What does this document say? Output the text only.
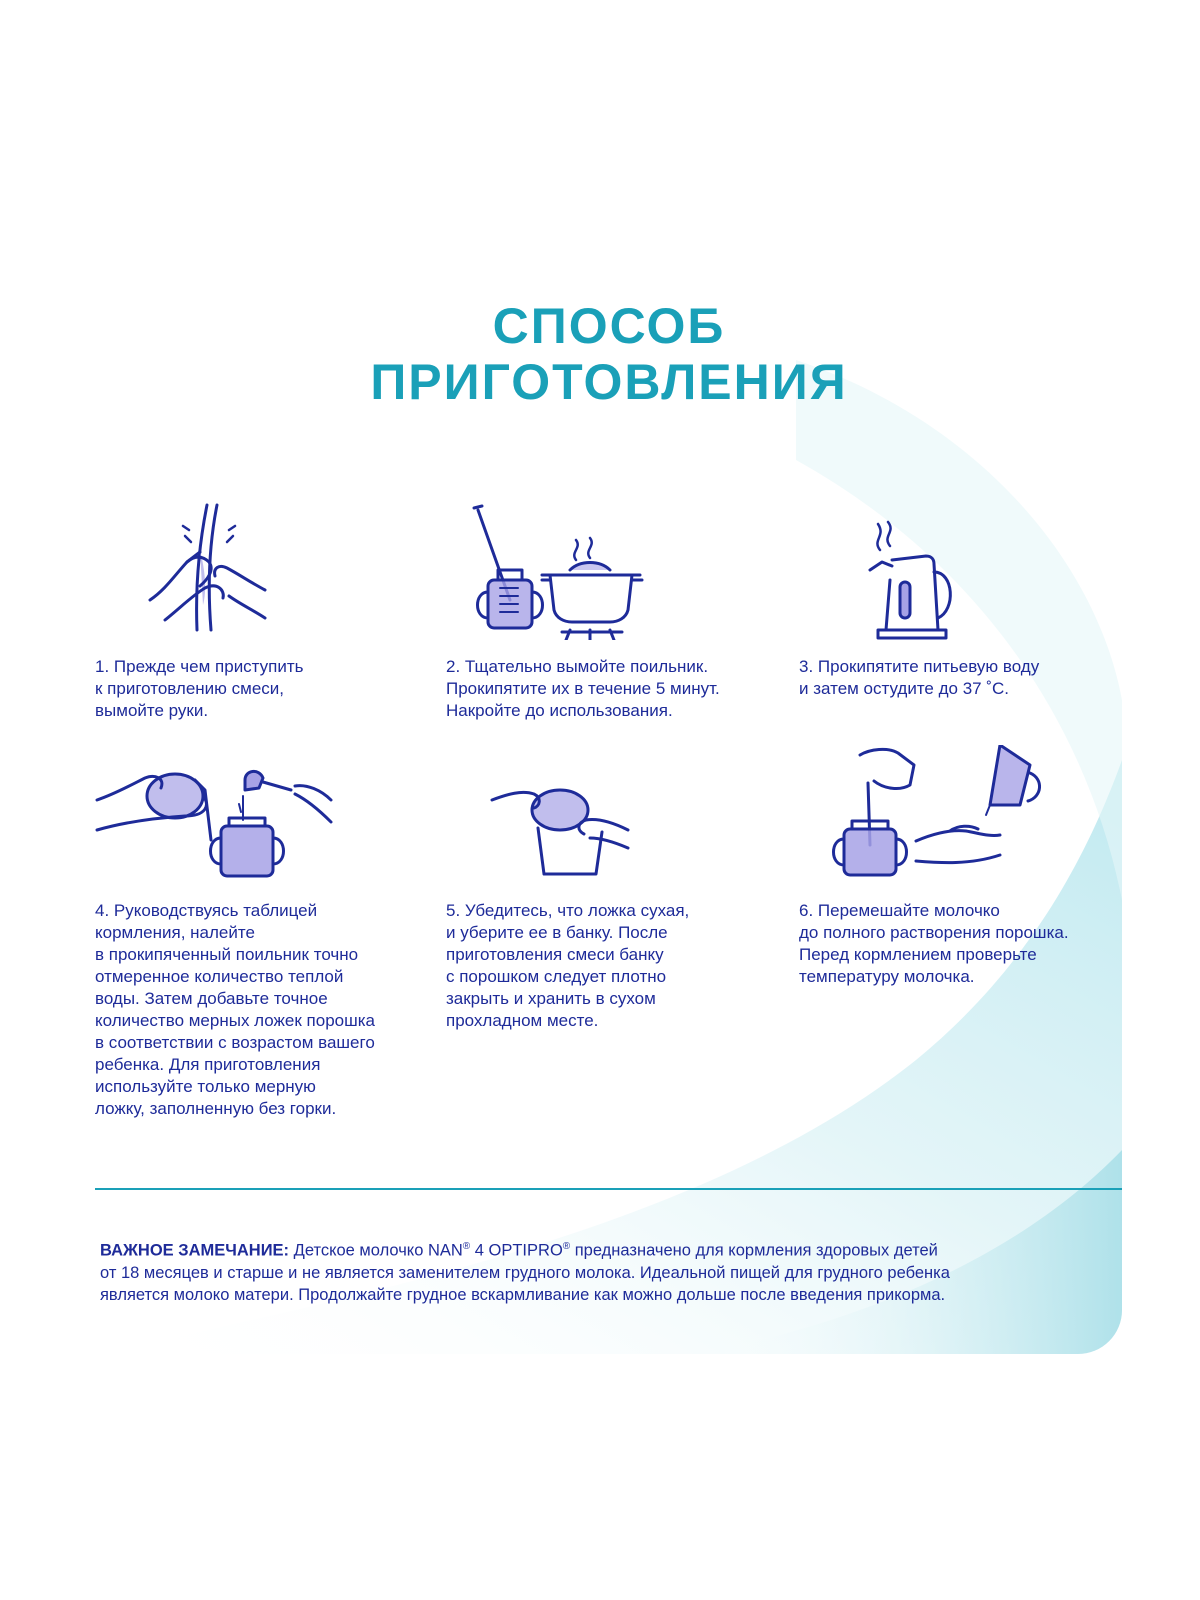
СПОСОБ
ПРИГОТОВЛЕНИЯ

1. Прежде чем приступить
к приготовлению смеси,
вымойте руки.

2. Тщательно вымойте поильник.
Прокипятите их в течение 5 минут.
Накройте до использования.

3. Прокипятите питьевую воду
и затем остудите до 37 ˚С.

4. Руководствуясь таблицей
кормления, налейте
в прокипяченный поильник точно
отмеренное количество теплой
воды. Затем добавьте точное
количество мерных ложек порошка
в соответствии с возрастом вашего
ребенка. Для приготовления
используйте только мерную
ложку, заполненную без горки.

5. Убедитесь, что ложка сухая,
и уберите ее в банку. После
приготовления смеси банку
с порошком следует плотно
закрыть и хранить в сухом
прохладном месте.

6. Перемешайте молочко
до полного растворения порошка.
Перед кормлением проверьте
температуру молочка.

ВАЖНОЕ ЗАМЕЧАНИЕ: Детское молочко NAN® 4 OPTIPRO® предназначено для кормления здоровых детей
от 18 месяцев и старше и не является заменителем грудного молока. Идеальной пищей для грудного ребенка
является молоко матери. Продолжайте грудное вскармливание как можно дольше после введения прикорма.
